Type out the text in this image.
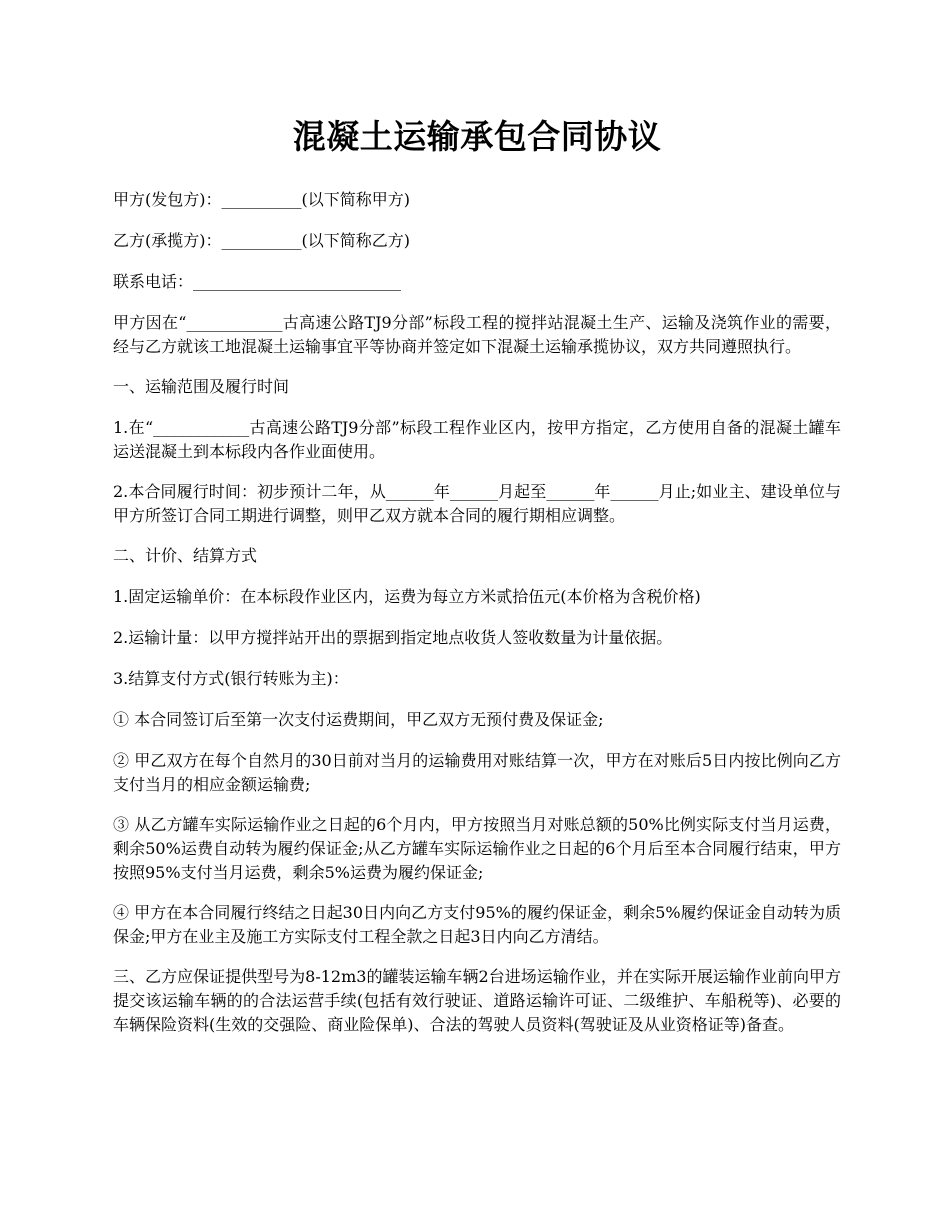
混凝土运输承包合同协议

甲方(发包方)：__________(以下简称甲方)

乙方(承揽方)：__________(以下简称乙方)

联系电话：__________________________

甲方因在“____________古高速公路TJ9分部”标段工程的搅拌站混凝土生产、运输及浇筑作业的需要，经与乙方就该工地混凝土运输事宜平等协商并签定如下混凝土运输承揽协议，双方共同遵照执行。

一、运输范围及履行时间

1.在“____________古高速公路TJ9分部”标段工程作业区内，按甲方指定，乙方使用自备的混凝土罐车运送混凝土到本标段内各作业面使用。

2.本合同履行时间：初步预计二年，从______年______月起至______年______月止;如业主、建设单位与甲方所签订合同工期进行调整，则甲乙双方就本合同的履行期相应调整。

二、计价、结算方式

1.固定运输单价：在本标段作业区内，运费为每立方米贰拾伍元(本价格为含税价格)

2.运输计量：以甲方搅拌站开出的票据到指定地点收货人签收数量为计量依据。

3.结算支付方式(银行转账为主)：

① 本合同签订后至第一次支付运费期间，甲乙双方无预付费及保证金;

② 甲乙双方在每个自然月的30日前对当月的运输费用对账结算一次，甲方在对账后5日内按比例向乙方支付当月的相应金额运输费;

③ 从乙方罐车实际运输作业之日起的6个月内，甲方按照当月对账总额的50%比例实际支付当月运费，剩余50%运费自动转为履约保证金;从乙方罐车实际运输作业之日起的6个月后至本合同履行结束，甲方按照95%支付当月运费，剩余5%运费为履约保证金;

④ 甲方在本合同履行终结之日起30日内向乙方支付95%的履约保证金，剩余5%履约保证金自动转为质保金;甲方在业主及施工方实际支付工程全款之日起3日内向乙方清结。

三、乙方应保证提供型号为8-12m3的罐装运输车辆2台进场运输作业，并在实际开展运输作业前向甲方提交该运输车辆的的合法运营手续(包括有效行驶证、道路运输许可证、二级维护、车船税等)、必要的车辆保险资料(生效的交强险、商业险保单)、合法的驾驶人员资料(驾驶证及从业资格证等)备查。
